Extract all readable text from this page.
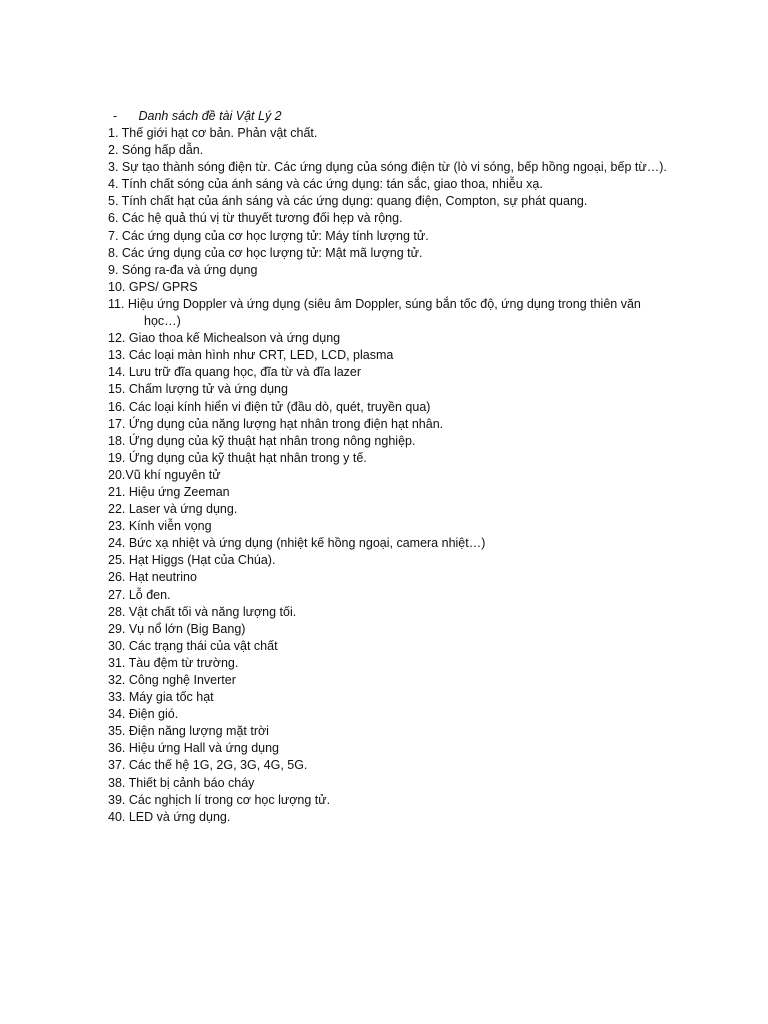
- Danh sách đề tài Vật Lý 2
1. Thế giới hạt cơ bản. Phản vật chất.
2. Sóng hấp dẫn.
3. Sự tạo thành sóng điện từ. Các ứng dụng của sóng điện từ (lò vi sóng, bếp hồng ngoại, bếp từ…).
4. Tính chất sóng của ánh sáng và các ứng dụng: tán sắc, giao thoa, nhiễu xạ.
5. Tính chất hạt của ánh sáng và các ứng dụng: quang điện, Compton, sự phát quang.
6. Các hệ quả thú vị từ thuyết tương đối hẹp và rộng.
7. Các ứng dụng của cơ học lượng tử: Máy tính lượng tử.
8. Các ứng dụng của cơ học lượng tử: Mật mã lượng tử.
9. Sóng ra-đa và ứng dụng
10. GPS/ GPRS
11. Hiệu ứng Doppler và ứng dụng (siêu âm Doppler, súng bắn tốc độ, ứng dụng trong thiên văn
học…)
12. Giao thoa kế Michealson và ứng dụng
13. Các loại màn hình như CRT, LED, LCD, plasma
14. Lưu trữ đĩa quang học, đĩa từ và đĩa lazer
15. Chấm lượng tử và ứng dụng
16. Các loại kính hiển vi điện tử (đầu dò, quét, truyền qua)
17. Ứng dụng của năng lượng hạt nhân trong điện hạt nhân.
18. Ứng dụng của kỹ thuật hạt nhân trong nông nghiệp.
19. Ứng dụng của kỹ thuật hạt nhân trong y tế.
20.Vũ khí nguyên tử
21. Hiệu ứng Zeeman
22. Laser và ứng dụng.
23. Kính viễn vọng
24. Bức xạ nhiệt và ứng dụng (nhiệt kế hồng ngoại, camera nhiệt…)
25. Hạt Higgs (Hạt của Chúa).
26. Hạt neutrino
27. Lỗ đen.
28. Vật chất tối và năng lượng tối.
29. Vụ nổ lớn (Big Bang)
30. Các trạng thái của vật chất
31. Tàu đệm từ trường.
32. Công nghệ Inverter
33. Máy gia tốc hạt
34. Điện gió.
35. Điện năng lượng mặt trời
36. Hiệu ứng Hall và ứng dụng
37. Các thế hệ 1G, 2G, 3G, 4G, 5G.
38. Thiết bị cảnh báo cháy
39. Các nghịch lí trong cơ học lượng tử.
40. LED và ứng dụng.
